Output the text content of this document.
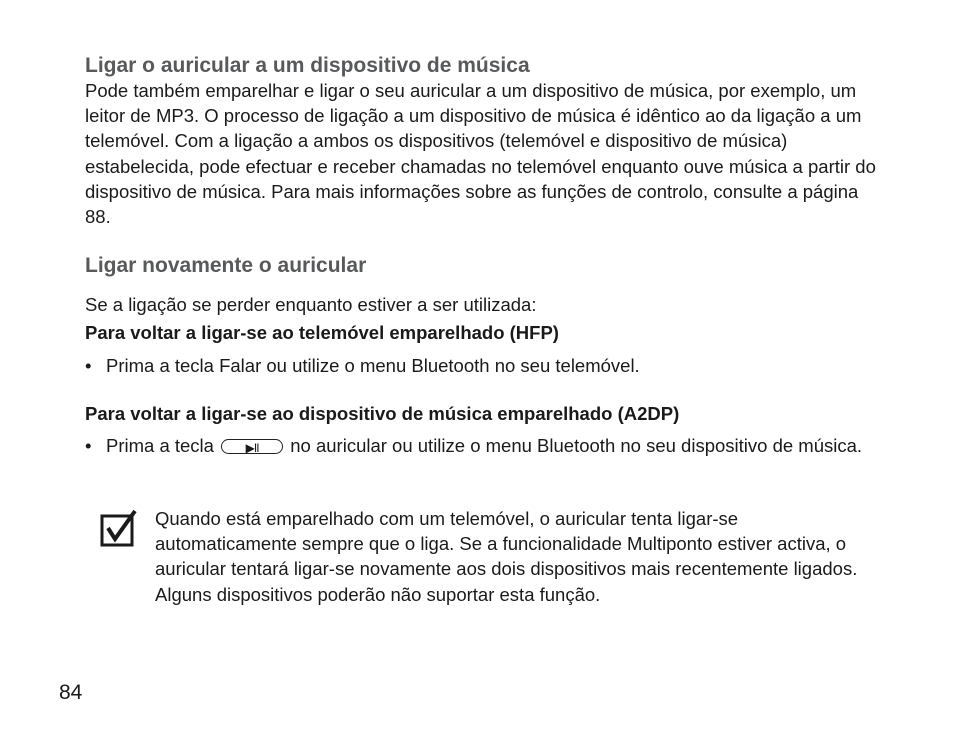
Ligar o auricular a um dispositivo de música

Pode também emparelhar e ligar o seu auricular a um dispositivo de música, por exemplo, um leitor de MP3. O processo de ligação a um dispositivo de música é idêntico ao da ligação a um telemóvel. Com a ligação a ambos os dispositivos (telemóvel e dispositivo de música) estabelecida, pode efectuar e receber chamadas no telemóvel enquanto ouve música a partir do dispositivo de música. Para mais informações sobre as funções de controlo, consulte a página 88.

Ligar novamente o auricular

Se a ligação se perder enquanto estiver a ser utilizada:

Para voltar a ligar-se ao telemóvel emparelhado (HFP)

• Prima a tecla Falar ou utilize o menu Bluetooth no seu telemóvel.

Para voltar a ligar-se ao dispositivo de música emparelhado (A2DP)

• Prima a tecla	▶II	no auricular ou utilize o menu Bluetooth no seu dispositivo de música.

Quando está emparelhado com um telemóvel, o auricular tenta ligar-se automaticamente sempre que o liga. Se a funcionalidade Multiponto estiver activa, o auricular tentará ligar-se novamente aos dois dispositivos mais recentemente ligados. Alguns dispositivos poderão não suportar esta função.

84
